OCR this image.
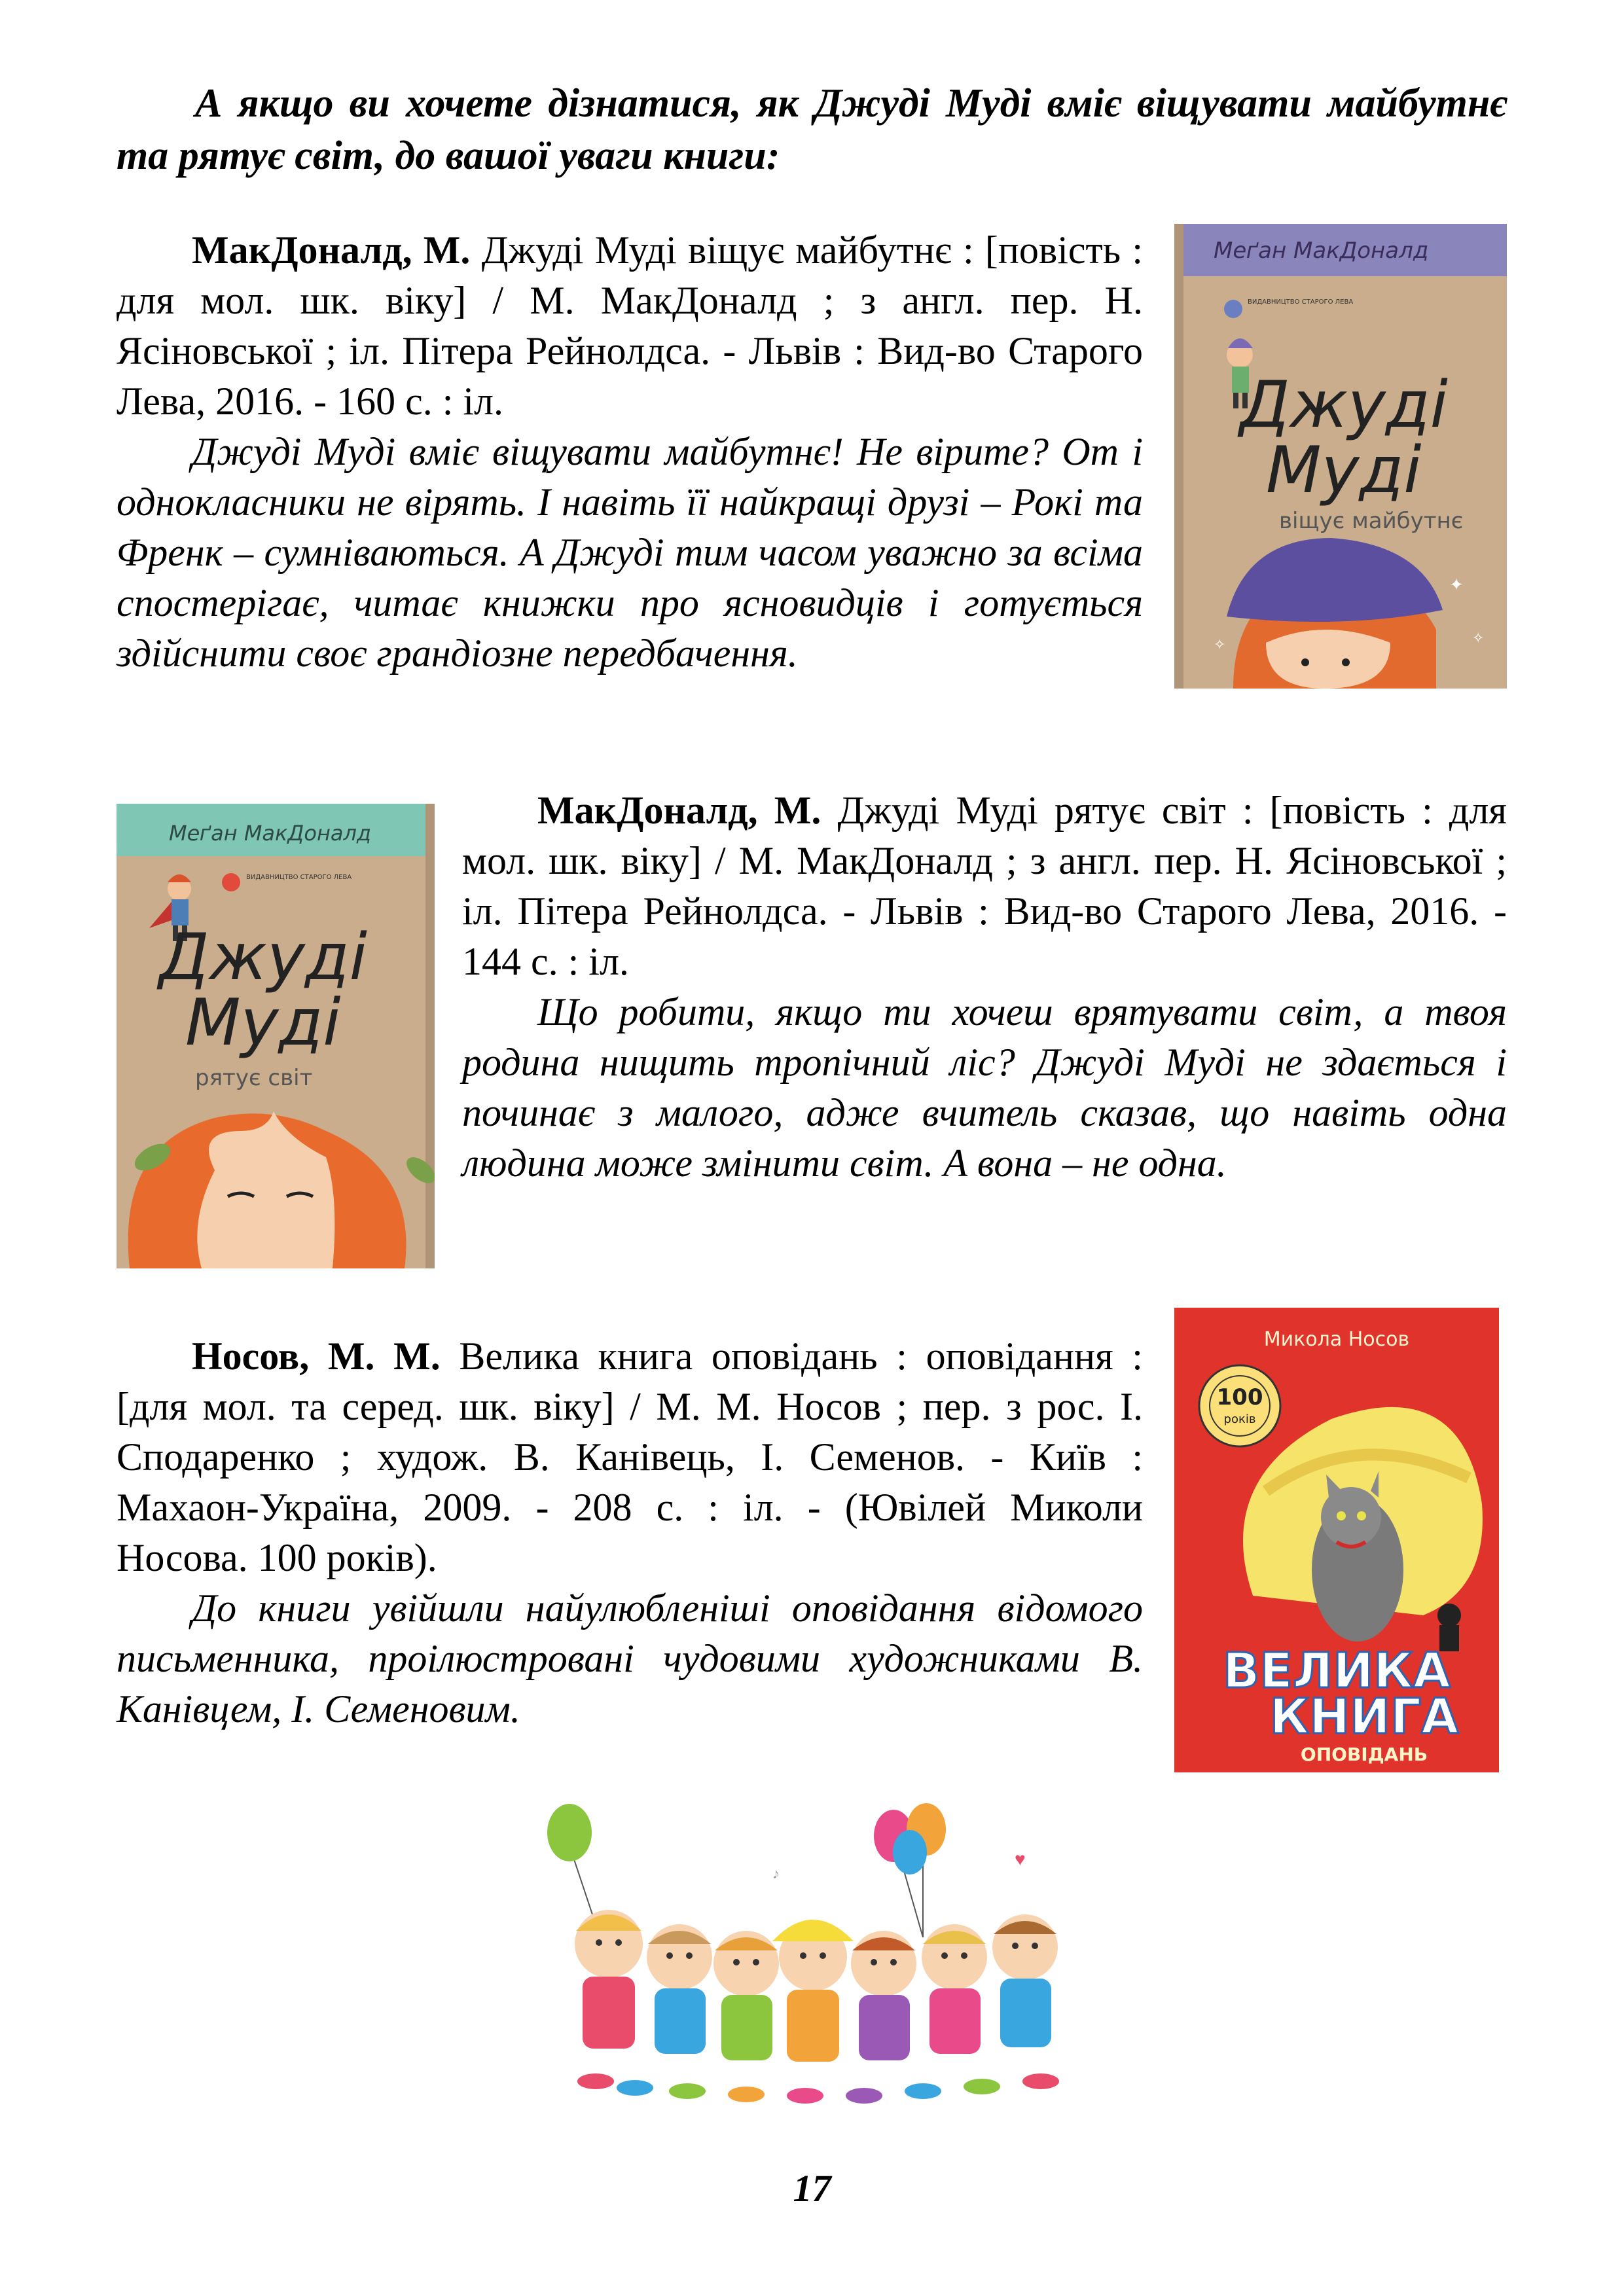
А якщо ви хочете дізнатися, як Джуді Муді вміє віщувати майбутнє та рятує світ, до вашої уваги книги:

МакДоналд, М. Джуді Муді віщує майбутнє : [повість : для мол. шк. віку] / М. МакДоналд ; з англ. пер. Н. Ясіновської ; іл. Пітера Рейнолдса. - Львів : Вид-во Старого Лева, 2016. - 160 с. : іл.

Джуді Муді вміє віщувати майбутнє! Не вірите? От і однокласники не вірять. І навіть її найкращі друзі – Рокі та Френк – сумніваються. А Джуді тим часом уважно за всіма спостерігає, читає книжки про ясновидців і готується здійснити своє грандіозне передбачення.

Меґан МакДоналд
ВИДАВНИЦТВО СТАРОГО ЛЕВА
Джуді
Муді
віщує майбутнє
✦
✧	✧
Меґан МакДоналд
ВИДАВНИЦТВО СТАРОГО ЛЕВА
Джуді
Муді
рятує світ

МакДоналд, М. Джуді Муді рятує світ : [повість : для мол. шк. віку] / М. МакДоналд ; з англ. пер. Н. Ясіновської ; іл. Пітера Рейнолдса. - Львів : Вид-во Старого Лева, 2016. - 144 с. : іл.

Що робити, якщо ти хочеш врятувати світ, а твоя родина нищить тропічний ліс? Джуді Муді не здається і починає з малого, адже вчитель сказав, що навіть одна людина може змінити світ. А вона – не одна.

Носов, М. М. Велика книга оповідань : оповідання : [для мол. та серед. шк. віку] / М. М. Носов ; пер. з рос. І. Сподаренко ; худож. В. Канівець, І. Семенов. - Київ : Махаон-Україна, 2009. - 208 с. : іл. - (Ювілей Миколи Носова. 100 років).

До книги увійшли найулюбленіші оповідання відомого письменника, проілюстровані чудовими художниками В. Канівцем, І. Семеновим.

Микола Носов
100
років
ВЕЛИКА
КНИГА
ОПОВІДАНЬ
♥
♪
17
